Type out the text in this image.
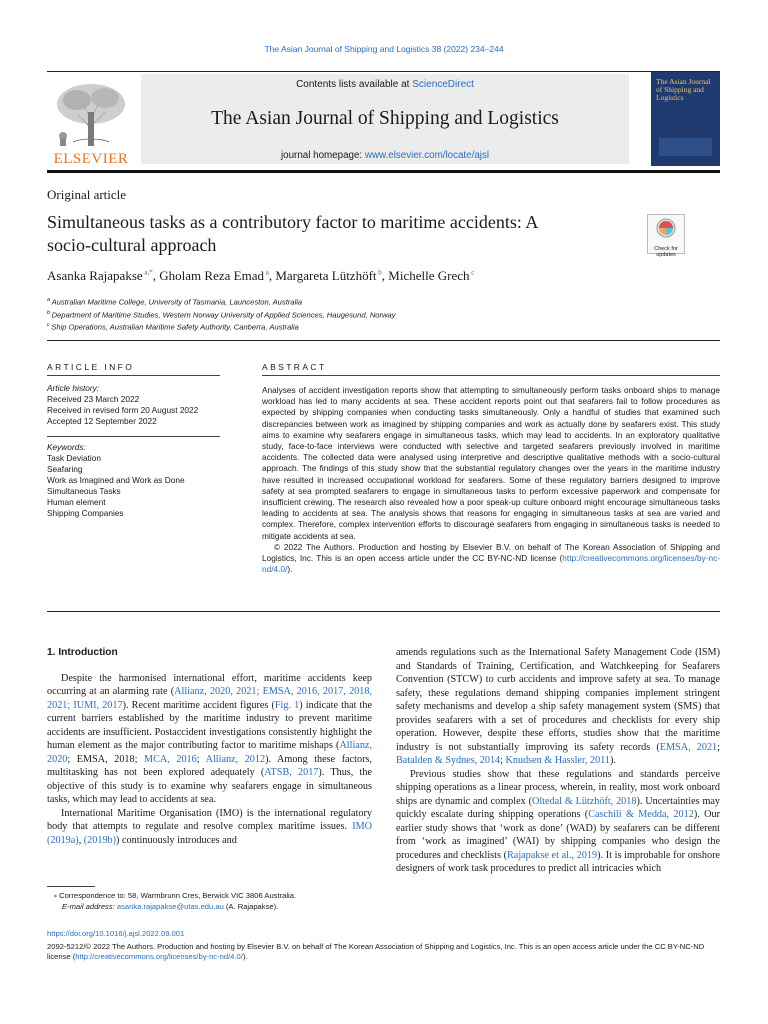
The Asian Journal of Shipping and Logistics 38 (2022) 234–244
ELSEVIER
Contents lists available at ScienceDirect
The Asian Journal of Shipping and Logistics
journal homepage: www.elsevier.com/locate/ajsl
The Asian Journal of Shipping and Logistics
Original article
Simultaneous tasks as a contributory factor to maritime accidents: A
socio-cultural approach	Check for updates
Asanka Rajapakse $^{a,*}$, Gholam Reza Emad $^a$, Margareta Lützhöft $^b$, Michelle Grech $^c$
$^a$ Australian Maritime College, University of Tasmania, Launceston, Australia
$^b$ Department of Maritime Studies, Western Norway University of Applied Sciences, Haugesund, Norway
$^c$ Ship Operations, Australian Maritime Safety Authority, Canberra, Australia
ARTICLE INFO
Article history:
Received 23 March 2022
Received in revised form 20 August 2022
Accepted 12 September 2022
Keywords:
Task Deviation
Seafaring
Work as Imagined and Work as Done
Simultaneous Tasks
Human element
Shipping Companies
ABSTRACT
Analyses of accident investigation reports show that attempting to simultaneously perform tasks onboard ships to manage workload has led to many accidents at sea. These accident reports point out that seafarers fail to follow procedures as expected by shipping companies when conducting tasks simultaneously. Only a handful of studies that examined such discrepancies between work as imagined by shipping companies and work as actually done by seafarers exist. This study aims to examine why seafarers engage in simultaneous tasks, which may lead to accidents. In an exploratory qualitative study, face-to-face interviews were conducted with selective and targeted seafarers previously involved in maritime accidents. The collected data were analysed using interpretive and descriptive qualitative methods with a socio-cultural approach. The findings of this study show that the substantial regulatory changes over the years in the maritime industry have resulted in increased occupational workload for seafarers. Some of these regulatory barriers designed to improve safety at sea prompted seafarers to engage in simultaneous tasks to perform excessive paperwork and compensate for insufficient crewing. The research also revealed how a poor speak-up culture onboard might encourage simultaneous tasks leading to accidents at sea. The analysis shows that reasons for engaging in simultaneous tasks at sea are varied and complex. Therefore, complex intervention efforts to discourage seafarers from engaging in simultaneous tasks is needed to mitigate accidents at sea.
© 2022 The Authors. Production and hosting by Elsevier B.V. on behalf of The Korean Association of Shipping and Logistics, Inc. This is an open access article under the CC BY-NC-ND license (http://creativecommons.org/licenses/by-nc-nd/4.0/).
1. Introduction

Despite the harmonised international effort, maritime accidents keep occurring at an alarming rate (Allianz, 2020, 2021; EMSA, 2016, 2017, 2018, 2021; IUMI, 2017). Recent maritime accident figures (Fig. 1) indicate that the current barriers established by the maritime industry to prevent maritime accidents are insufficient. Postaccident investigations consistently highlight the human element as the major contributing factor to maritime mishaps (Allianz, 2020; EMSA, 2018; MCA, 2016; Allianz, 2012). Among these factors, multitasking has not been explored adequately (ATSB, 2017). Thus, the objective of this study is to examine why seafarers engage in simultaneous tasks, which may lead to accidents at sea.

International Maritime Organisation (IMO) is the international regulatory body that attempts to regulate and resolve complex maritime issues. IMO (2019a), (2019b)) continuously introduces and

amends regulations such as the International Safety Management Code (ISM) and Standards of Training, Certification, and Watchkeeping for Seafarers Convention (STCW) to curb accidents and improve safety at sea. To manage safety, these regulations demand shipping companies implement stringent safety mechanisms and develop a ship safety management system (SMS) that provides seafarers with a set of procedures and checklists for every ship operation. However, despite these efforts, studies show that the maritime industry is not substantially improving its safety records (EMSA, 2021; Batalden & Sydnes, 2014; Knudsen & Hassler, 2011).

Previous studies show that these regulations and standards perceive shipping operations as a linear process, wherein, in reality, most work onboard ships are dynamic and complex (Oltedal & Lützhöft, 2018). Uncertainties may quickly escalate during shipping operations (Caschili & Medda, 2012). Our earlier study shows that ‘work as done’ (WAD) by seafarers can be different from ‘work as imagined’ (WAI) by shipping companies who design the procedures and checklists (Rajapakse et al., 2019). It is improbable for onshore designers of work task procedures to predict all intricacies which

⁎ Correspondence to: 58, Warmbrunn Cres, Berwick VIC 3806 Australia.
E-mail address: asanka.rajapakse@utas.edu.au (A. Rajapakse).
https://doi.org/10.1016/j.ajsl.2022.09.001
2092-5212/© 2022 The Authors. Production and hosting by Elsevier B.V. on behalf of The Korean Association of Shipping and Logistics, Inc. This is an open access article under the CC BY-NC-ND license (http://creativecommons.org/licenses/by-nc-nd/4.0/).
